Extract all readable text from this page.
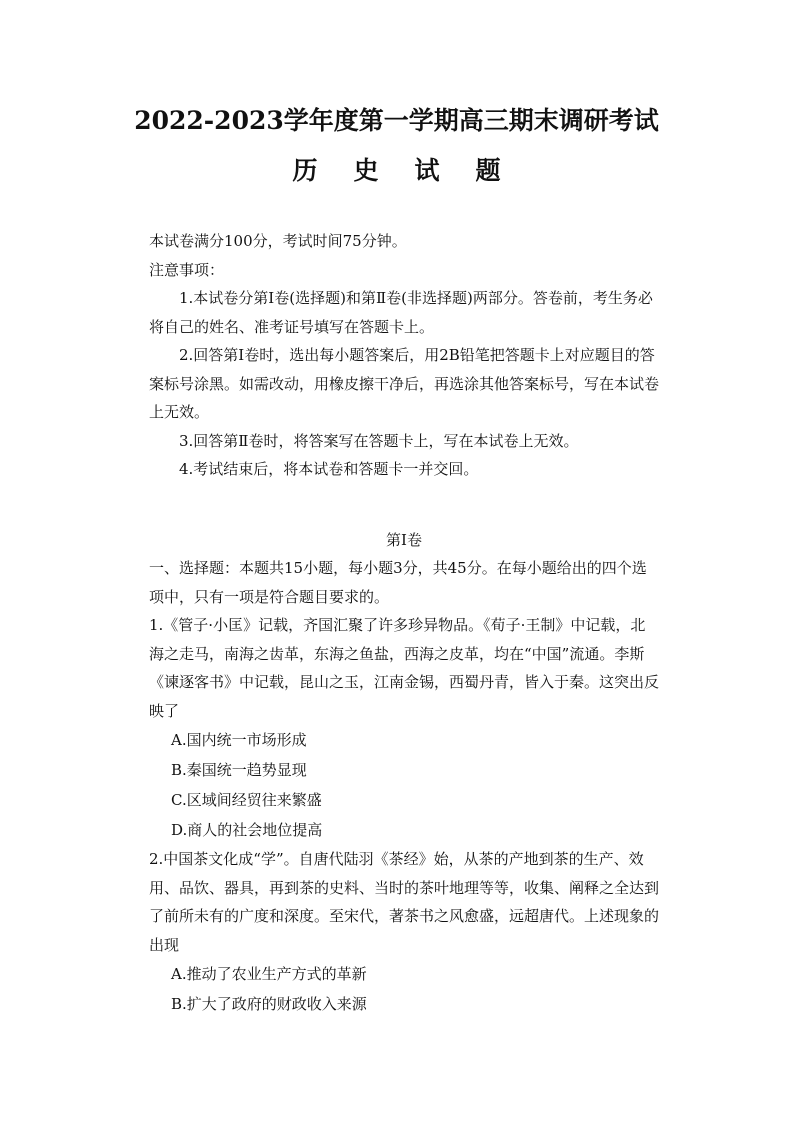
2022-2023学年度第一学期高三期末调研考试
历 史 试 题

本试卷满分100分，考试时间75分钟。

注意事项：

1.本试卷分第Ⅰ卷(选择题)和第Ⅱ卷(非选择题)两部分。答卷前，考生务必将自己的姓名、准考证号填写在答题卡上。

2.回答第Ⅰ卷时，选出每小题答案后，用2B铅笔把答题卡上对应题目的答案标号涂黑。如需改动，用橡皮擦干净后，再选涂其他答案标号，写在本试卷上无效。

3.回答第Ⅱ卷时，将答案写在答题卡上，写在本试卷上无效。

4.考试结束后，将本试卷和答题卡一并交回。

第Ⅰ卷

一、选择题：本题共15小题，每小题3分，共45分。在每小题给出的四个选项中，只有一项是符合题目要求的。

1.《管子·小匡》记载，齐国汇聚了许多珍异物品。《荀子·王制》中记载，北海之走马，南海之齿革，东海之鱼盐，西海之皮革，均在“中国”流通。李斯《谏逐客书》中记载，昆山之玉，江南金锡，西蜀丹青，皆入于秦。这突出反映了

A.国内统一市场形成

B.秦国统一趋势显现

C.区域间经贸往来繁盛

D.商人的社会地位提高

2.中国茶文化成“学”。自唐代陆羽《茶经》始，从茶的产地到茶的生产、效用、品饮、器具，再到茶的史料、当时的茶叶地理等等，收集、阐释之全达到了前所未有的广度和深度。至宋代，著茶书之风愈盛，远超唐代。上述现象的出现

A.推动了农业生产方式的革新

B.扩大了政府的财政收入来源
